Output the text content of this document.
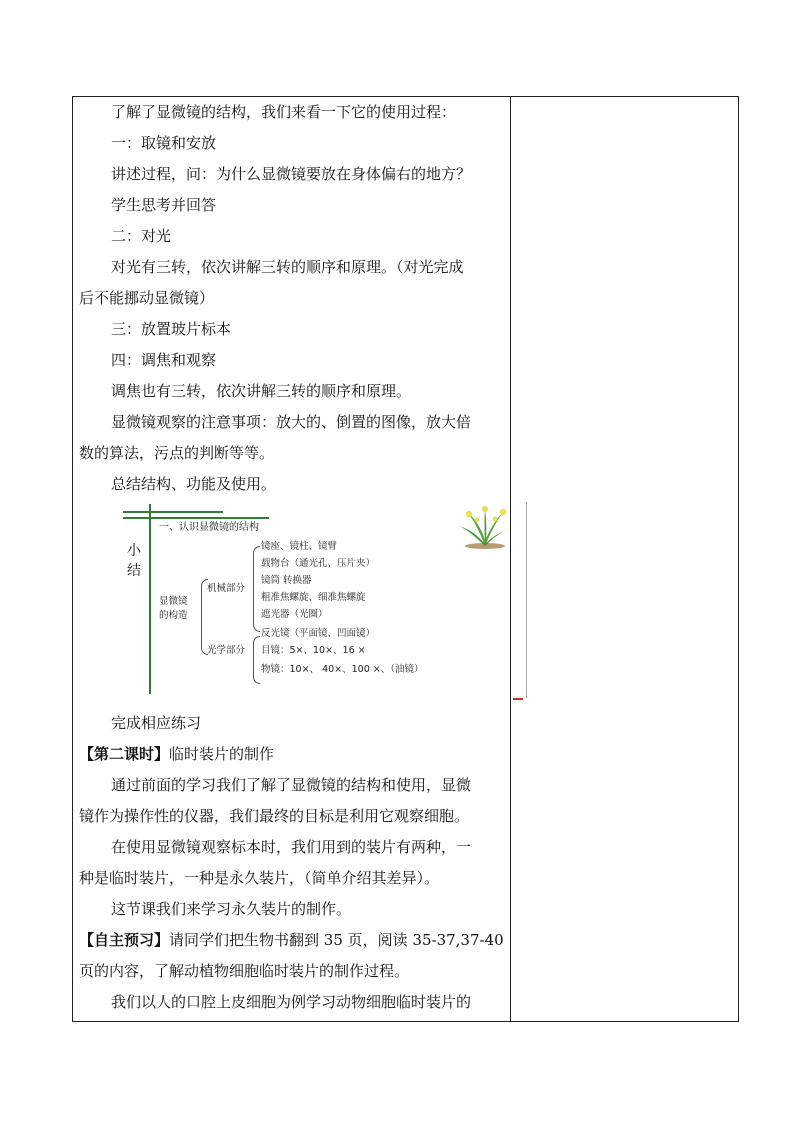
了解了显微镜的结构，我们来看一下它的使用过程：
一：取镜和安放
讲述过程，问：为什么显微镜要放在身体偏右的地方？
学生思考并回答
二：对光
对光有三转，依次讲解三转的顺序和原理。（对光完成
后不能挪动显微镜）
三：放置玻片标本
四：调焦和观察
调焦也有三转，依次讲解三转的顺序和原理。
显微镜观察的注意事项：放大的、倒置的图像，放大倍
数的算法，污点的判断等等。
总结结构、功能及使用。
小
结
一、认识显微镜的结构
显微镜
的构造
机械部分
光学部分
镜座、镜柱、镜臂
载物台（通光孔、压片夹）
镜筒 转换器
粗准焦螺旋、细准焦螺旋
遮光器（光圈）
反光镜（平面镜、凹面镜）
目镜：5×、10×、16 ×
物镜：10×、 40×、100 ×、（油镜）
完成相应练习
【第二课时】临时装片的制作
通过前面的学习我们了解了显微镜的结构和使用，显微
镜作为操作性的仪器，我们最终的目标是利用它观察细胞。
在使用显微镜观察标本时，我们用到的装片有两种，一
种是临时装片，一种是永久装片，（简单介绍其差异）。
这节课我们来学习永久装片的制作。
【自主预习】请同学们把生物书翻到 35 页，阅读 35-37,37-40
页的内容，了解动植物细胞临时装片的制作过程。
我们以人的口腔上皮细胞为例学习动物细胞临时装片的
